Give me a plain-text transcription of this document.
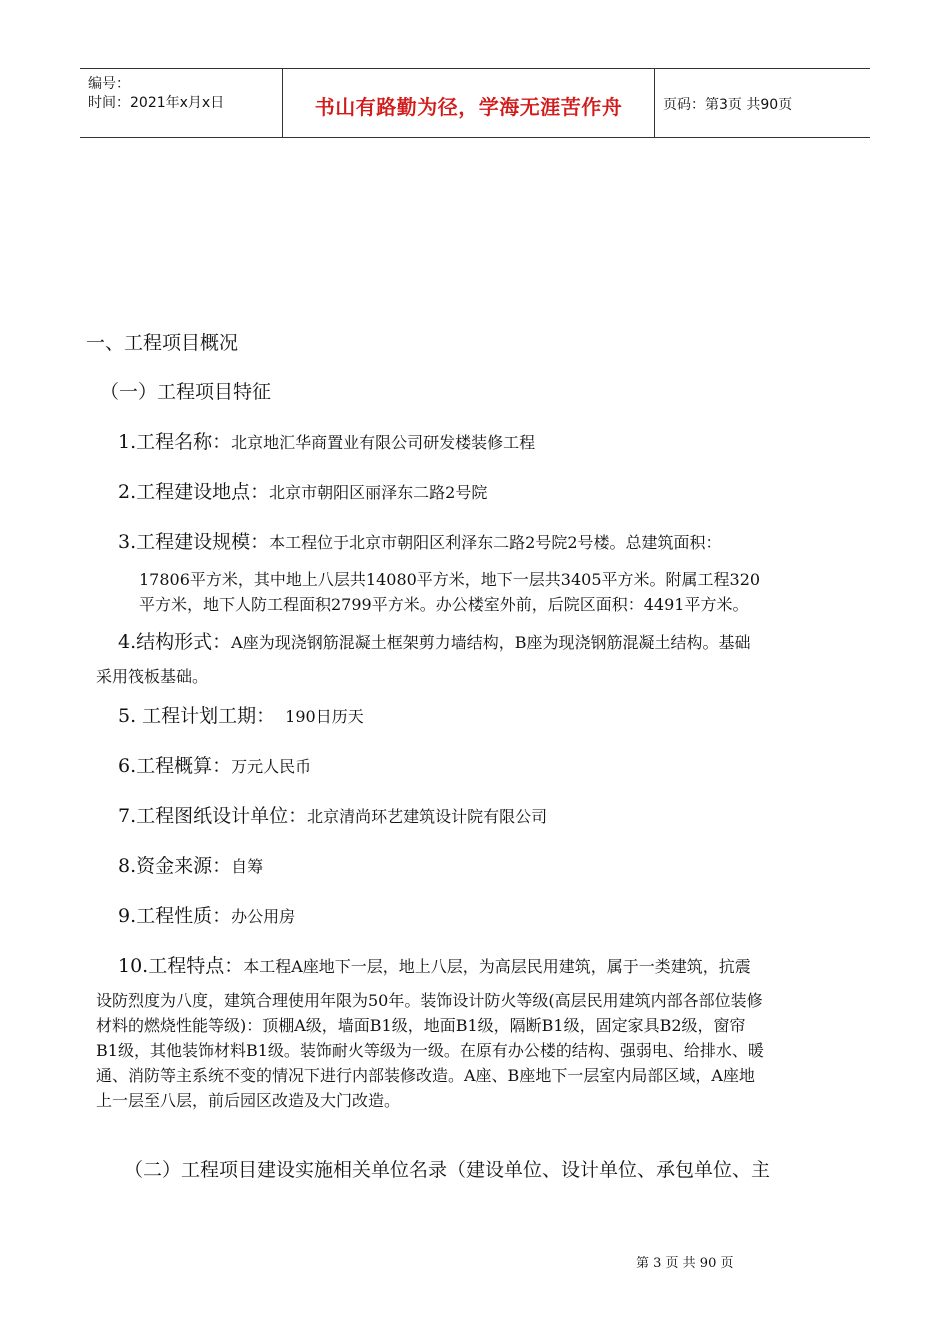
编号：
时间：2021年x月x日	书山有路勤为径，学海无涯苦作舟	页码：第3页 共90页
一、工程项目概况
（一）工程项目特征
1.工程名称：北京地汇华商置业有限公司研发楼装修工程
2.工程建设地点：北京市朝阳区丽泽东二路2号院
3.工程建设规模：本工程位于北京市朝阳区利泽东二路2号院2号楼。总建筑面积：
17806平方米，其中地上八层共14080平方米，地下一层共3405平方米。附属工程320
平方米，地下人防工程面积2799平方米。办公楼室外前，后院区面积：4491平方米。
4.结构形式：A座为现浇钢筋混凝土框架剪力墙结构，B座为现浇钢筋混凝土结构。基础
采用筏板基础。
5. 工程计划工期： 190日历天
6.工程概算：万元人民币
7.工程图纸设计单位：北京清尚环艺建筑设计院有限公司
8.资金来源：自筹
9.工程性质：办公用房
10.工程特点：本工程A座地下一层，地上八层，为高层民用建筑，属于一类建筑，抗震
设防烈度为八度，建筑合理使用年限为50年。装饰设计防火等级(高层民用建筑内部各部位装修
材料的燃烧性能等级)：顶棚A级，墙面B1级，地面B1级，隔断B1级，固定家具B2级，窗帘
B1级，其他装饰材料B1级。装饰耐火等级为一级。在原有办公楼的结构、强弱电、给排水、暖
通、消防等主系统不变的情况下进行内部装修改造。A座、B座地下一层室内局部区域，A座地
上一层至八层，前后园区改造及大门改造。
（二）工程项目建设实施相关单位名录（建设单位、设计单位、承包单位、主
第 3 页 共 90 页
